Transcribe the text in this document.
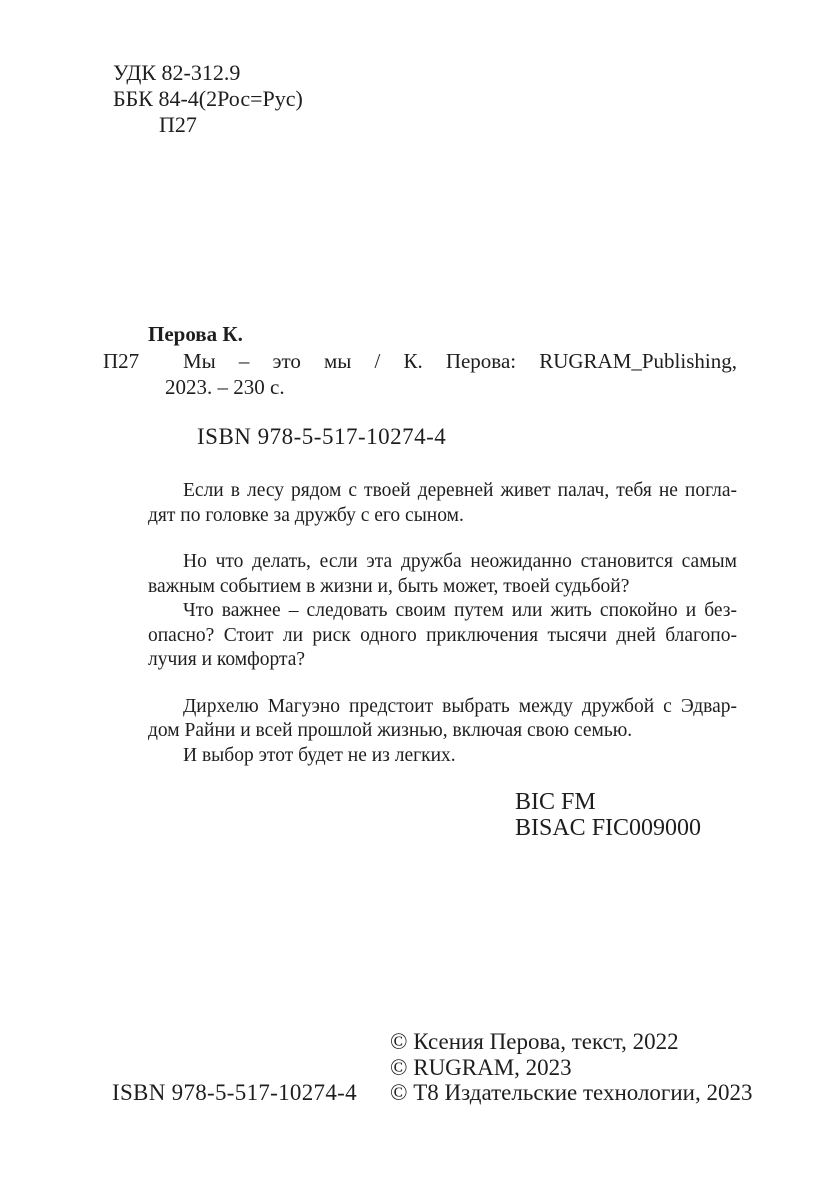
УДК 82-312.9
ББК 84-4(2Рос=Рус)
П27
Перова К.
П27 Мы – это мы / К. Перова: RUGRAM_Publishing,
2023. – 230 с.
ISBN 978-5-517-10274-4
Если в лесу рядом с твоей деревней живет палач, тебя не погла-
дят по головке за дружбу с его сыном.
Но что делать, если эта дружба неожиданно становится самым
важным событием в жизни и, быть может, твоей судьбой?
Что важнее – следовать своим путем или жить спокойно и без-
опасно? Стоит ли риск одного приключения тысячи дней благопо-
лучия и комфорта?
Дирхелю Магуэно предстоит выбрать между дружбой с Эдвар-
дом Райни и всей прошлой жизнью, включая свою семью.
И выбор этот будет не из легких.
BIC FM
BISAC FIC009000
ISBN 978-5-517-10274-4
© Ксения Перова, текст, 2022
© RUGRAM, 2023
© Т8 Издательские технологии, 2023
